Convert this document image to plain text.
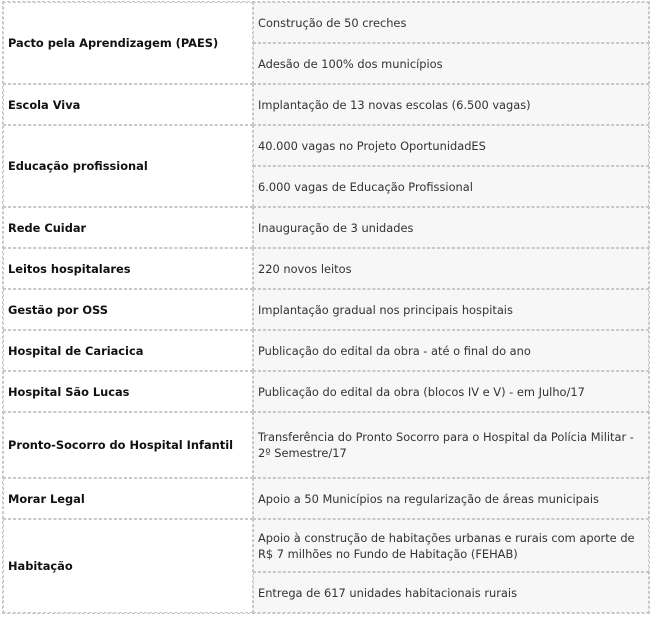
Pacto pela Aprendizagem (PAES)	Construção de 50 creches
	Adesão de 100% dos municípios
Escola Viva	Implantação de 13 novas escolas (6.500 vagas)
Educação profissional	40.000 vagas no Projeto OportunidadES
	6.000 vagas de Educação Profissional
Rede Cuidar	Inauguração de 3 unidades
Leitos hospitalares	220 novos leitos
Gestão por OSS	Implantação gradual nos principais hospitais
Hospital de Cariacica	Publicação do edital da obra - até o final do ano
Hospital São Lucas	Publicação do edital da obra (blocos IV e V) - em Julho/17
Pronto-Socorro do Hospital Infantil	Transferência do Pronto Socorro para o Hospital da Polícia Militar - 2º Semestre/17
Morar Legal	Apoio a 50 Municípios na regularização de áreas municipais
Habitação	Apoio à construção de habitações urbanas e rurais com aporte de R$ 7 milhões no Fundo de Habitação (FEHAB)
	Entrega de 617 unidades habitacionais rurais
